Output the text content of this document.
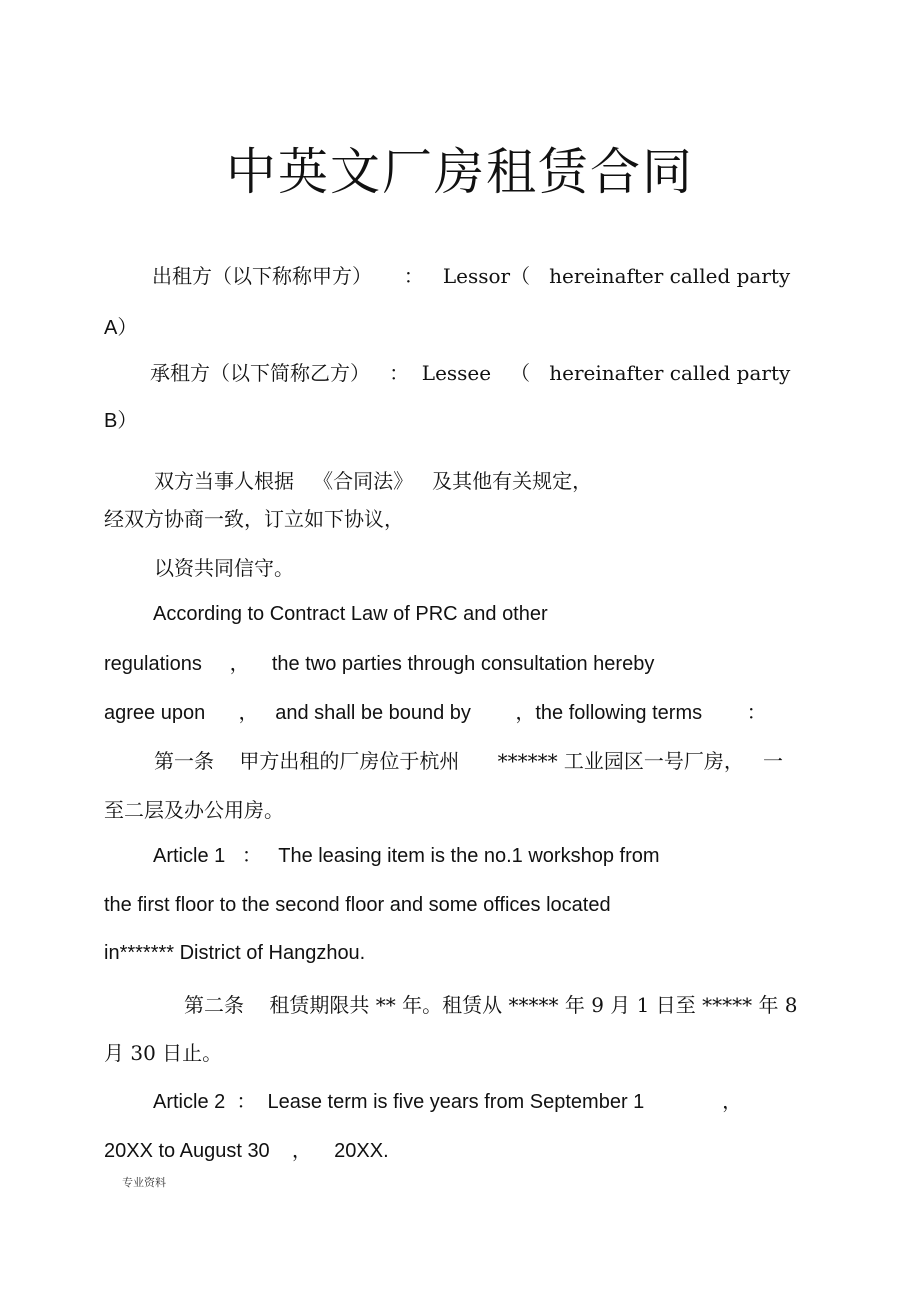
中英文厂房租赁合同
出租方（以下称称甲方）     ：   Lessor（   hereinafter called party
A）
承租方（以下简称乙方）   ：  Lessee   （   hereinafter called party
B）
双方当事人根据   《合同法》   及其他有关规定，
经双方协商一致，订立如下协议，
以资共同信守。
According to Contract Law of PRC and other
regulations     ，    the two parties through consultation hereby
agree upon      ，   and shall be bound by        ，the following terms        ：
第一条    甲方出租的厂房位于杭州      ****** 工业园区一号厂房，   一
至二层及办公用房。
Article 1   ：   The leasing item is the no.1 workshop from
the first floor to the second floor and some offices located
in******* District of Hangzhou.
第二条    租赁期限共 ** 年。租赁从 ***** 年 9 月 1 日至 ***** 年 8
月 30 日止。
Article 2  ：  Lease term is five years from September 1              ，
20XX to August 30    ，    20XX.
专业资料
